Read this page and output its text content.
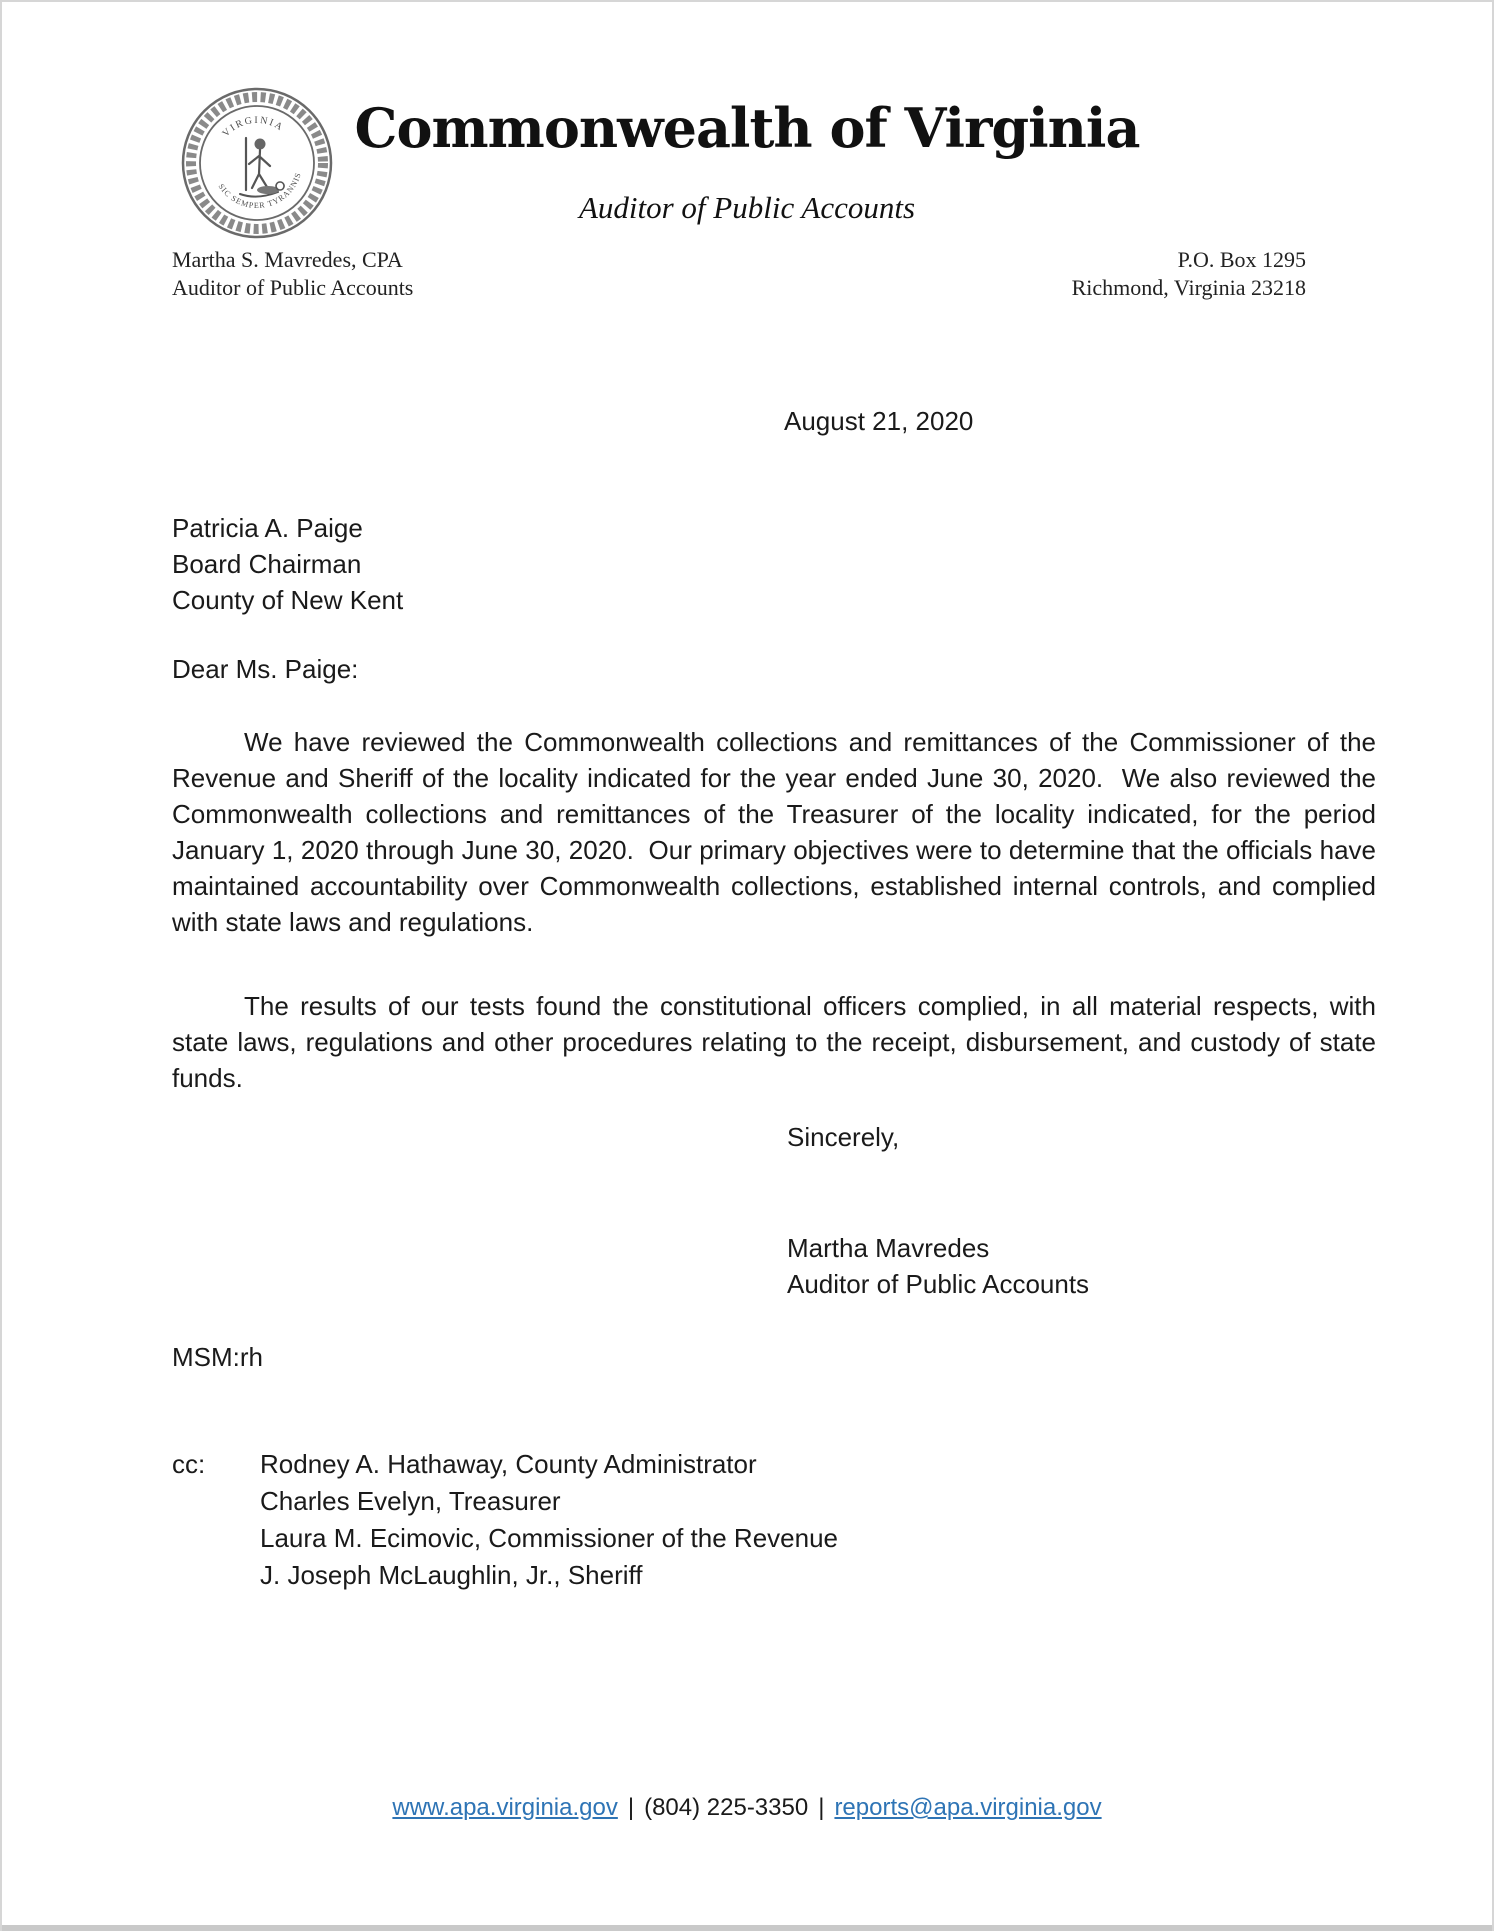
VIRGINIA
SIC SEMPER TYRANNIS
Commonwealth of Virginia
Auditor of Public Accounts
Martha S. Mavredes, CPA
Auditor of Public Accounts
P.O. Box 1295
Richmond, Virginia 23218
August 21, 2020
Patricia A. Paige
Board Chairman
County of New Kent
Dear Ms. Paige:
We have reviewed the Commonwealth collections and remittances of the Commissioner of the Revenue and Sheriff of the locality indicated for the year ended June 30, 2020.  We also reviewed the Commonwealth collections and remittances of the Treasurer of the locality indicated, for the period January 1, 2020 through June 30, 2020.  Our primary objectives were to determine that the officials have maintained accountability over Commonwealth collections, established internal controls, and complied with state laws and regulations.
The results of our tests found the constitutional officers complied, in all material respects, with state laws, regulations and other procedures relating to the receipt, disbursement, and custody of state funds.
Sincerely,
Martha Mavredes
Auditor of Public Accounts
MSM:rh
cc:	Rodney A. Hathaway, County Administrator
Charles Evelyn, Treasurer
Laura M. Ecimovic, Commissioner of the Revenue
J. Joseph McLaughlin, Jr., Sheriff
www.apa.virginia.gov | (804) 225-3350 | reports@apa.virginia.gov
